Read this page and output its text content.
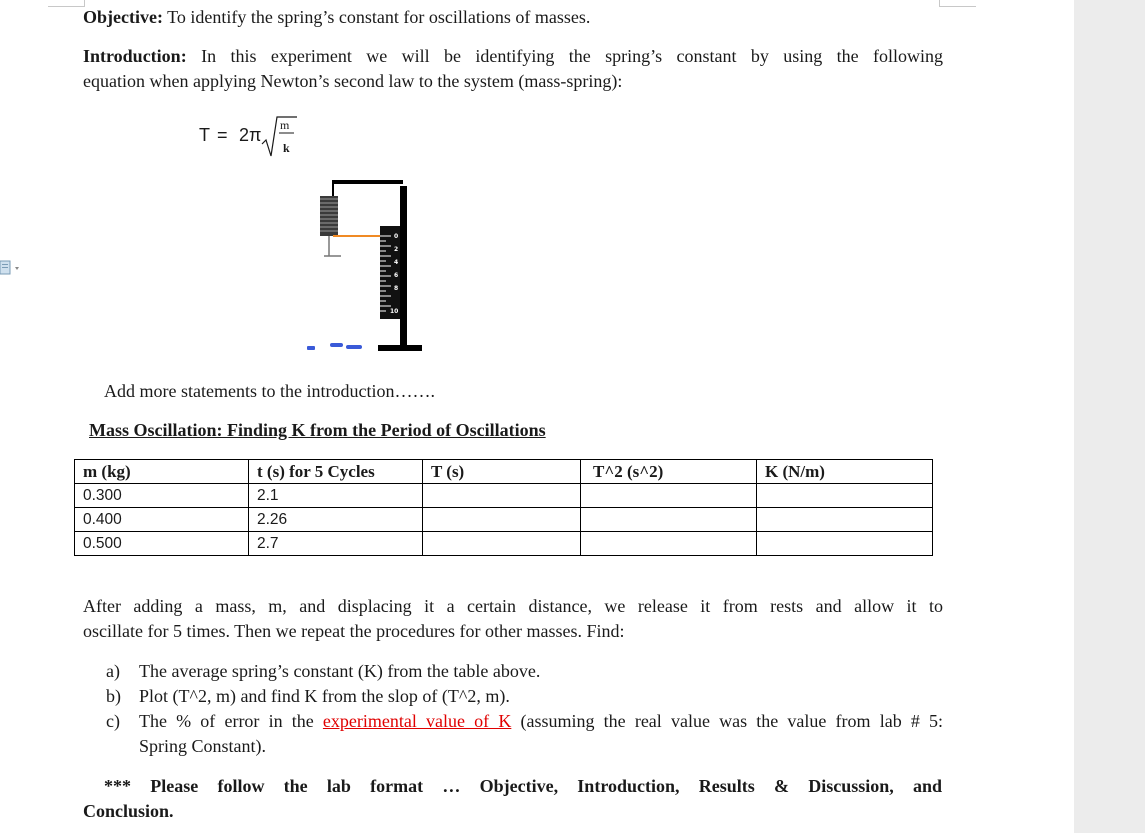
Objective: To identify the spring’s constant for oscillations of masses.
Introduction: In this experiment we will be identifying the spring’s constant by using the following
equation when applying Newton’s second law to the system (mass-spring):
T = 2π m
k
0
2
4
6
8
10
Add more statements to the introduction…….
Mass Oscillation: Finding K from the Period of Oscillations
m (kg)	t (s) for 5 Cycles	T (s)	T^2 (s^2)	K (N/m)
0.300	2.1			
0.400	2.26			
0.500	2.7			
After adding a mass, m, and displacing it a certain distance, we release it from rests and allow it to
oscillate for 5 times. Then we repeat the procedures for other masses. Find:
a) The average spring’s constant (K) from the table above.
b) Plot (T^2, m) and find K from the slop of (T^2, m).
c) The % of error in the experimental value of K (assuming the real value was the value from lab # 5:
Spring Constant).
*** Please follow the lab format … Objective, Introduction, Results & Discussion, and
Conclusion.
